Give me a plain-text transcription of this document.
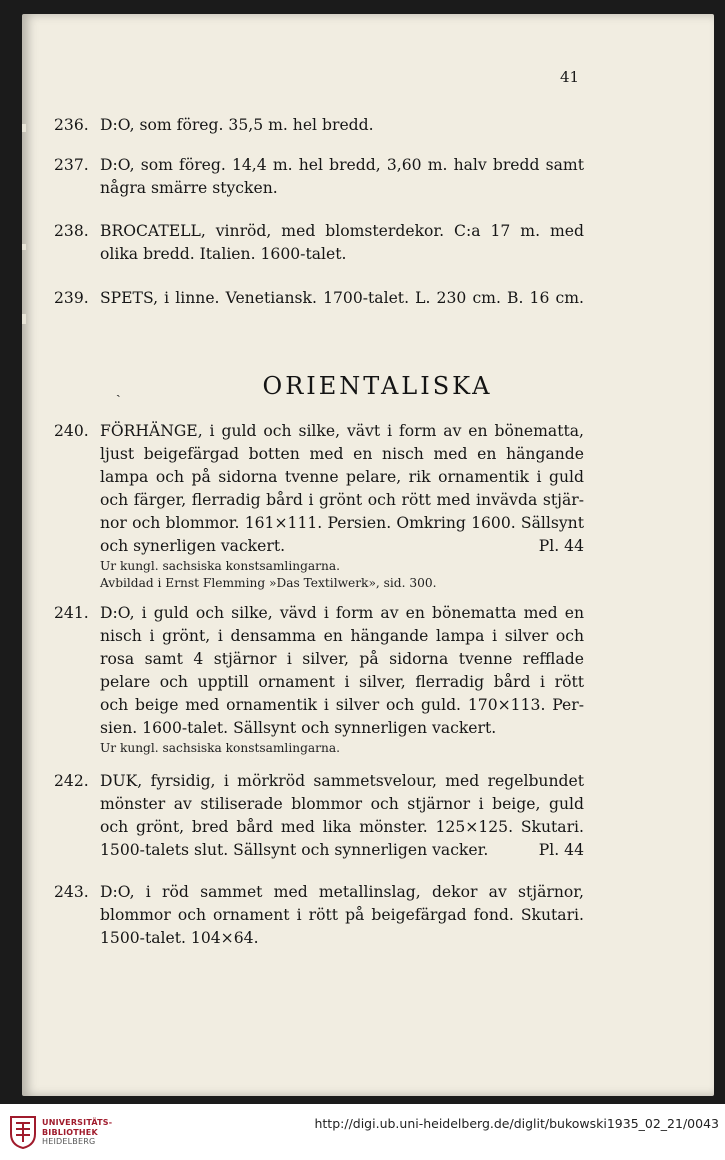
41
236. D:O, som föreg. 35,5 m. hel bredd.
237. D:O, som föreg. 14,4 m. hel bredd, 3,60 m. halv bredd samt
några smärre stycken.
238. BROCATELL, vinröd, med blomsterdekor. C:a 17 m. med
olika bredd. Italien. 1600-talet.
239. SPETS, i linne. Venetiansk. 1700-talet. L. 230 cm. B. 16 cm.
ˏ	ORIENTALISKA
240. FÖRHÄNGE, i guld och silke, vävt i form av en bönematta,
ljust beigefärgad botten med en nisch med en hängande
lampa och på sidorna tvenne pelare, rik ornamentik i guld
och färger, flerradig bård i grönt och rött med invävda stjär-
nor och blommor. 161×111. Persien. Omkring 1600. Sällsynt
och synerligen vackert.	Pl. 44
Ur kungl. sachsiska konstsamlingarna.
Avbildad i Ernst Flemming »Das Textilwerk», sid. 300.
241. D:O, i guld och silke, vävd i form av en bönematta med en
nisch i grönt, i densamma en hängande lampa i silver och
rosa samt 4 stjärnor i silver, på sidorna tvenne refflade
pelare och upptill ornament i silver, flerradig bård i rött
och beige med ornamentik i silver och guld. 170×113. Per-
sien. 1600-talet. Sällsynt och synnerligen vackert.
Ur kungl. sachsiska konstsamlingarna.
242. DUK, fyrsidig, i mörkröd sammetsvelour, med regelbundet
mönster av stiliserade blommor och stjärnor i beige, guld
och grönt, bred bård med lika mönster. 125×125. Skutari.
1500-talets slut. Sällsynt och synnerligen vacker.	Pl. 44
243. D:O, i röd sammet med metallinslag, dekor av stjärnor,
blommor och ornament i rött på beigefärgad fond. Skutari.
1500-talet. 104×64.
UNIVERSITÄTS-
BIBLIOTHEK
HEIDELBERG
http://digi.ub.uni-heidelberg.de/diglit/bukowski1935_02_21/0043
